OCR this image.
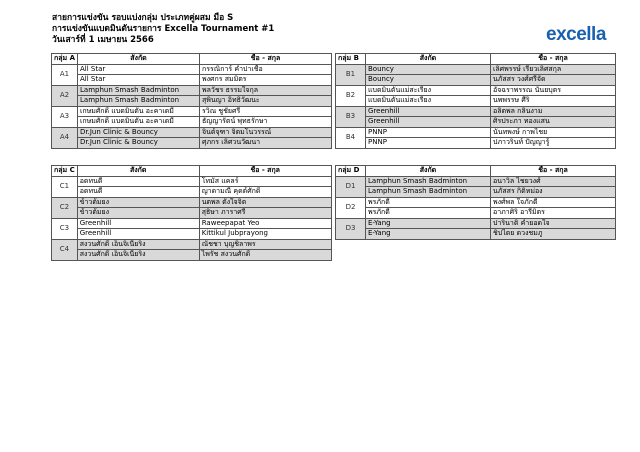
สายการแข่งขัน รอบแบ่งกลุ่ม ประเภทคู่ผสม มือ S
การแข่งขันแบดมินตันรายการ Excella Tournament #1
วันเสาร์ที่ 1 เมษายน 2566	excella
กลุ่ม A	สังกัด	ชื่อ - สกุล
A1	All Star	กรรณิการ์ คำปาเชื้อ
	All Star	พงศกร สมมิตร
A2	Lamphun Smash Badminton	พลวัชร ธรรมใจกุล
	Lamphun Smash Badminton	สุพินญา อิทธิวัฒนะ
A3	เกษมศักดิ์ แบดมินตัน อะคาเดมี	รวิณ ชูชัยศรี
	เกษมศักดิ์ แบดมินตัน อะคาเดมี	ธัญญารัตน์ พุทธรักษา
A4	Dr.Jun Clinic & Bouncy	จินต์จุฑา จิตมโนวรรณ์
	Dr.Jun Clinic & Bouncy	ศุภกร เลิศวนวัฒนา
กลุ่ม B	สังกัด	ชื่อ - สกุล
B1	Bouncy	เลิศพรรษ์ เรียวเลิศสกุล
	Bouncy	นภัสสร วงศ์ศรีจัด
B2	แบดมินตันแม่สะเรียง	อัจฉราพรรณ นันยบุตร
	แบดมินตันแม่สะเรียง	นพพรรษ ศีริ
B3	Greenhill	อลิตพล กลิ่นงาม
	Greenhill	ศิรประภา ทองแสน
B4	PNNP	นันทพงษ์ กาพไชย
	PNNP	ปภาวรินท์ ปัญญารู้
กลุ่ม C	สังกัด	ชื่อ - สกุล
C1	อดทนดี	โทมัส แคลร์
	อดทนดี	ญาดามณี คุดต์ศักดิ์
C2	ข้าวต้มยง	นตพล ตั้งใจจิต
	ข้าวต้มยง	สุธิษา ภาราศรี
C3	Greenhill	Raweepapat Yeo
	Greenhill	Kittikul Jubprayong
C4	สงวนศักดิ์ เอ็นจิเนียริ่ง	ณัชชา บุญชิลาพร
	สงวนศักดิ์ เอ็นจิเนียริ่ง	ไพรัช สงวนศักดิ์
กลุ่ม D	สังกัด	ชื่อ - สกุล
D1	Lamphun Smash Badminton	อนาวิล ไชยวงศ์
	Lamphun Smash Badminton	นภัสสร กิติหม่อง
D2	พรภักดี	พงศ์พล ใจภักดี
	พรภักดี	อาภาศิริ อารีมิตร
D3	E-Yang	ปารินาติ คำยอดใจ
	E-Yang	ชิปไตย ดวงชมภู
